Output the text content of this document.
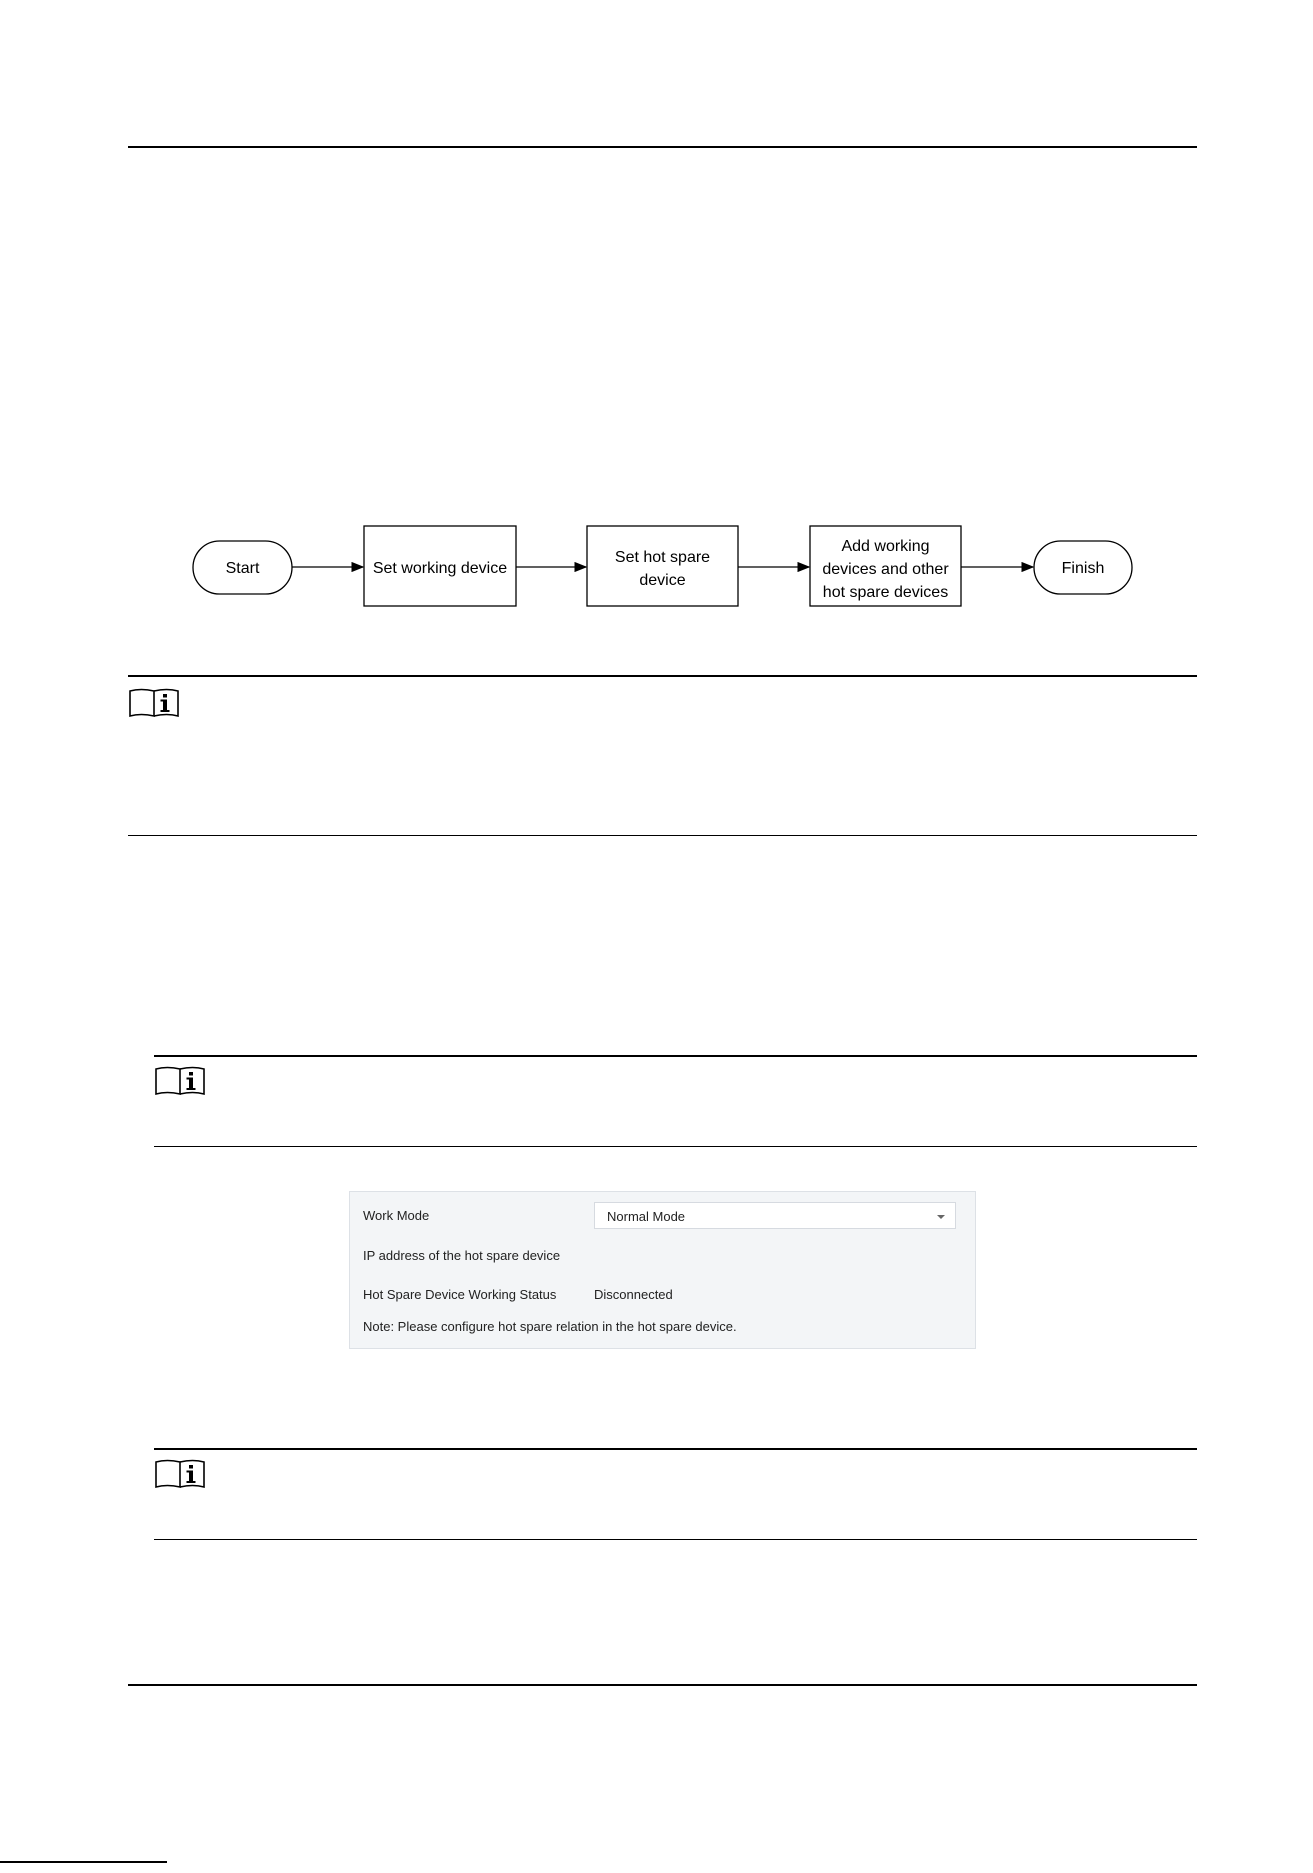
Start	Set working device
Set hot spare
device
Add working
devices and other
hot spare devices
Finish
Work Mode	Normal Mode
IP address of the hot spare device
Hot Spare Device Working Status	Disconnected
Note: Please configure hot spare relation in the hot spare device.
